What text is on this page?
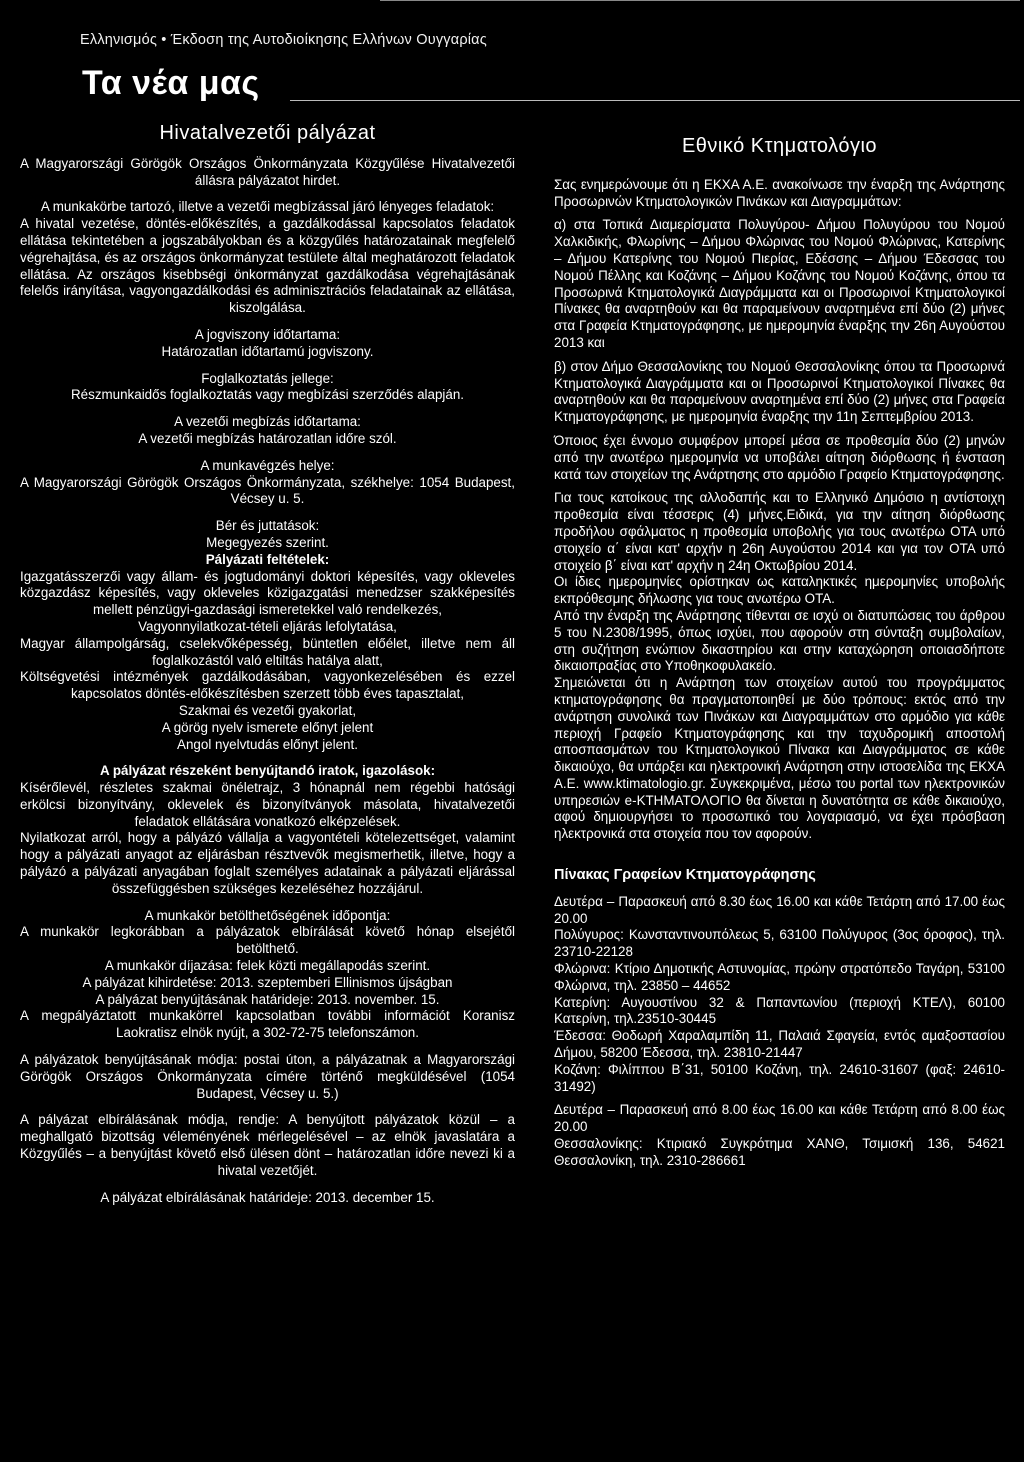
Ελληνισμός • Έκδοση της Αυτοδιοίκησης Ελλήνων Ουγγαρίας
Τα νέα μας
Hivatalvezetői pályázat

A Magyarországi Görögök Országos Önkormányzata Közgyűlése Hivatalvezetői állásra pályázatot hirdet.

A munkakörbe tartozó, illetve a vezetői megbízással járó lényeges feladatok:

A hivatal vezetése, döntés-előkészítés, a gazdálkodással kapcsolatos feladatok ellátása tekintetében a jogszabályokban és a közgyűlés határozatainak megfelelő végrehajtása, és az országos önkormányzat testülete által meghatározott feladatok ellátása. Az országos kisebbségi önkormányzat gazdálkodása végrehajtásának felelős irányítása, vagyongazdálkodási és adminisztrációs feladatainak az ellátása, kiszolgálása.

A jogviszony időtartama:

Határozatlan időtartamú jogviszony.

Foglalkoztatás jellege:

Részmunkaidős foglalkoztatás vagy megbízási szerződés alapján.

A vezetői megbízás időtartama:

A vezetői megbízás határozatlan időre szól.

A munkavégzés helye:

A Magyarországi Görögök Országos Önkormányzata, székhelye: 1054 Budapest, Vécsey u. 5.

Bér és juttatások:

Megegyezés szerint.

Pályázati feltételek:

Igazgatásszerzői vagy állam- és jogtudományi doktori képesítés, vagy okleveles közgazdász képesítés, vagy okleveles közigazgatási menedzser szakképesítés mellett pénzügyi-gazdasági ismeretekkel való rendelkezés,

Vagyonnyilatkozat-tételi eljárás lefolytatása,

Magyar állampolgárság, cselekvőképesség, büntetlen előélet, illetve nem áll foglalkozástól való eltiltás hatálya alatt,

Költségvetési intézmények gazdálkodásában, vagyonkezelésében és ezzel kapcsolatos döntés-előkészítésben szerzett több éves tapasztalat,

Szakmai és vezetői gyakorlat,

A görög nyelv ismerete előnyt jelent

Angol nyelvtudás előnyt jelent.

A pályázat részeként benyújtandó iratok, igazolások:

Kísérőlevél, részletes szakmai önéletrajz, 3 hónapnál nem régebbi hatósági erkölcsi bizonyítvány, oklevelek és bizonyítványok másolata, hivatalvezetői feladatok ellátására vonatkozó elképzelések.

Nyilatkozat arról, hogy a pályázó vállalja a vagyontételi kötelezettséget, valamint hogy a pályázati anyagot az eljárásban résztvevők megismerhetik, illetve, hogy a pályázó a pályázati anyagában foglalt személyes adatainak a pályázati eljárással összefüggésben szükséges kezeléséhez hozzájárul.

A munkakör betölthetőségének időpontja:

A munkakör legkorábban a pályázatok elbírálását követő hónap elsejétől betölthető.

A munkakör díjazása: felek közti megállapodás szerint.

A pályázat kihirdetése: 2013. szeptemberi Ellinismos újságban

A pályázat benyújtásának határideje: 2013. november. 15.

A megpályáztatott munkakörrel kapcsolatban további információt Koranisz Laokratisz elnök nyújt, a 302-72-75 telefonszámon.

A pályázatok benyújtásának módja: postai úton, a pályázatnak a Magyarországi Görögök Országos Önkormányzata címére történő megküldésével (1054 Budapest, Vécsey u. 5.)

A pályázat elbírálásának módja, rendje: A benyújtott pályázatok közül – a meghallgató bizottság véleményének mérlegelésével – az elnök javaslatára a Közgyűlés – a benyújtást követő első ülésen dönt – határozatlan időre nevezi ki a hivatal vezetőjét.

A pályázat elbírálásának határideje: 2013. december 15.

Εθνικό Κτηματολόγιο

Σας ενημερώνουμε ότι η ΕΚΧΑ Α.Ε. ανακοίνωσε την έναρξη της Ανάρτησης Προσωρινών Κτηματολογικών Πινάκων και Διαγραμμάτων:

α) στα Τοπικά Διαμερίσματα Πολυγύρου- Δήμου Πολυγύρου του Νομού Χαλκιδικής, Φλωρίνης – Δήμου Φλώρινας του Νομού Φλώρινας, Κατερίνης – Δήμου Κατερίνης του Νομού Πιερίας, Εδέσσης – Δήμου Έδεσσας του Νομού Πέλλης και Κοζάνης – Δήμου Κοζάνης του Νομού Κοζάνης, όπου τα Προσωρινά Κτηματολογικά Διαγράμματα και οι Προσωρινοί Κτηματολογικοί Πίνακες θα αναρτηθούν και θα παραμείνουν αναρτημένα επί δύο (2) μήνες στα Γραφεία Κτηματογράφησης, με ημερομηνία έναρξης την 26η Αυγούστου 2013 και

β) στον Δήμο Θεσσαλονίκης του Νομού Θεσσαλονίκης όπου τα Προσωρινά Κτηματολογικά Διαγράμματα και οι Προσωρινοί Κτηματολογικοί Πίνακες θα αναρτηθούν και θα παραμείνουν αναρτημένα επί δύο (2) μήνες στα Γραφεία Κτηματογράφησης, με ημερομηνία έναρξης την 11η Σεπτεμβρίου 2013.

Όποιος έχει έννομο συμφέρον μπορεί μέσα σε προθεσμία δύο (2) μηνών από την ανωτέρω ημερομηνία να υποβάλει αίτηση διόρθωσης ή ένσταση κατά των στοιχείων της Ανάρτησης στο αρμόδιο Γραφείο Κτηματογράφησης.

Για τους κατοίκους της αλλοδαπής και το Ελληνικό Δημόσιο η αντίστοιχη προθεσμία είναι τέσσερις (4) μήνες.Ειδικά, για την αίτηση διόρθωσης προδήλου σφάλματος η προθεσμία υποβολής για τους ανωτέρω ΟΤΑ υπό στοιχείο α΄ είναι κατ' αρχήν η 26η Αυγούστου 2014 και για τον ΟΤΑ υπό στοιχείο β΄ είναι κατ' αρχήν η 24η Οκτωβρίου 2014.

Οι ίδιες ημερομηνίες ορίστηκαν ως καταληκτικές ημερομηνίες υποβολής εκπρόθεσμης δήλωσης για τους ανωτέρω ΟΤΑ.

Από την έναρξη της Ανάρτησης τίθενται σε ισχύ οι διατυπώσεις του άρθρου 5 του Ν.2308/1995, όπως ισχύει, που αφορούν στη σύνταξη συμβολαίων, στη συζήτηση ενώπιον δικαστηρίου και στην καταχώρηση οποιασδήποτε δικαιοπραξίας στο Υποθηκοφυλακείο.

Σημειώνεται ότι η Ανάρτηση των στοιχείων αυτού του προγράμματος κτηματογράφησης θα πραγματοποιηθεί με δύο τρόπους: εκτός από την ανάρτηση συνολικά των Πινάκων και Διαγραμμάτων στο αρμόδιο για κάθε περιοχή Γραφείο Κτηματογράφησης και την ταχυδρομική αποστολή αποσπασμάτων του Κτηματολογικού Πίνακα και Διαγράμματος σε κάθε δικαιούχο, θα υπάρξει και ηλεκτρονική Ανάρτηση στην ιστοσελίδα της ΕΚΧΑ Α.Ε. www.ktimatologio.gr. Συγκεκριμένα, μέσω του portal των ηλεκτρονικών υπηρεσιών e-ΚΤΗΜΑΤΟΛΟΓΙΟ θα δίνεται η δυνατότητα σε κάθε δικαιούχο, αφού δημιουργήσει το προσωπικό του λογαριασμό, να έχει πρόσβαση ηλεκτρονικά στα στοιχεία που τον αφορούν.

Πίνακας Γραφείων Κτηματογράφησης

Δευτέρα – Παρασκευή από 8.30 έως 16.00 και κάθε Τετάρτη από 17.00 έως 20.00

Πολύγυρος: Κωνσταντινουπόλεως 5, 63100 Πολύγυρος (3ος όροφος), τηλ. 23710-22128

Φλώρινα: Κτίριο Δημοτικής Αστυνομίας, πρώην στρατόπεδο Ταγάρη, 53100 Φλώρινα, τηλ. 23850 – 44652

Κατερίνη: Αυγουστίνου 32 & Παπαντωνίου (περιοχή ΚΤΕΛ), 60100 Κατερίνη, τηλ.23510-30445

Έδεσσα: Θοδωρή Χαραλαμπίδη 11, Παλαιά Σφαγεία, εντός αμαξοστασίου Δήμου, 58200 Έδεσσα, τηλ. 23810-21447

Κοζάνη: Φιλίππου Β΄31, 50100 Κοζάνη, τηλ. 24610-31607 (φαξ: 24610-31492)

Δευτέρα – Παρασκευή από 8.00 έως 16.00 και κάθε Τετάρτη από 8.00 έως 20.00

Θεσσαλονίκης: Κτιριακό Συγκρότημα ΧΑΝΘ, Τσιμισκή 136, 54621 Θεσσαλονίκη, τηλ. 2310-286661
